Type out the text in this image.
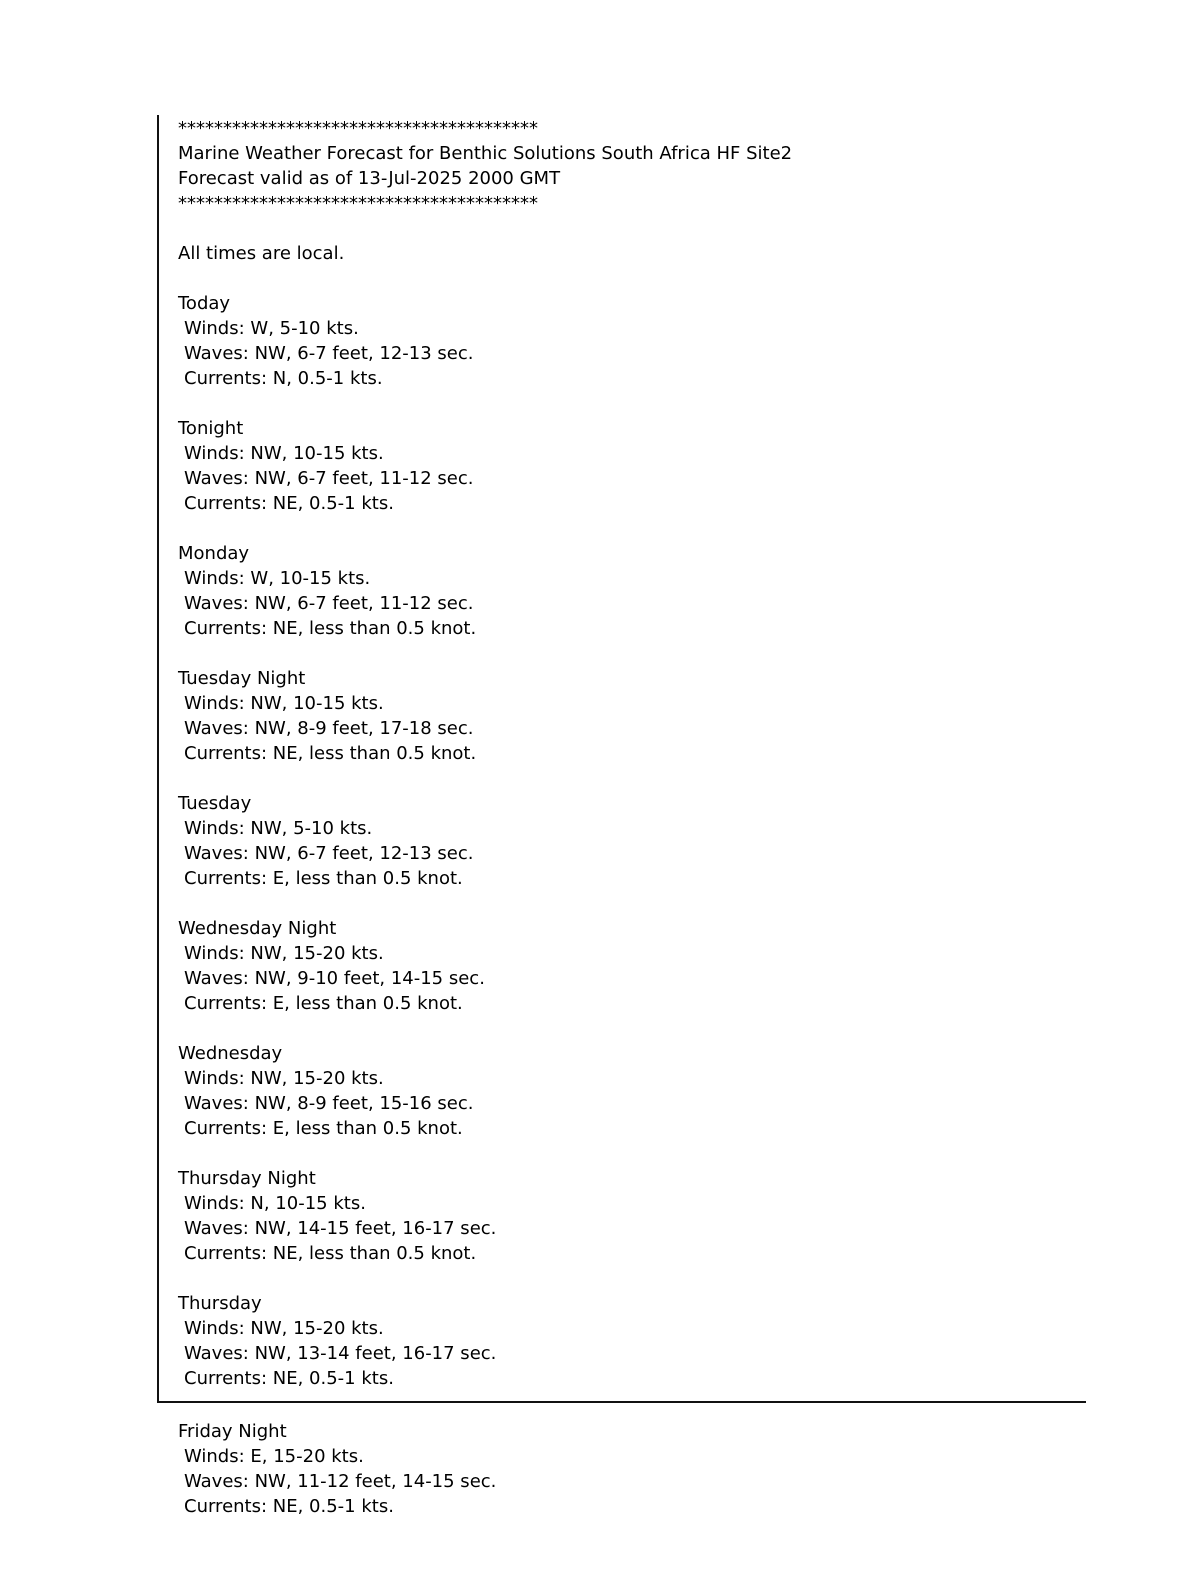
****************************************
Marine Weather Forecast for Benthic Solutions South Africa HF Site2
Forecast valid as of 13-Jul-2025 2000 GMT
****************************************
All times are local.
Today
Winds: W, 5-10 kts.
Waves: NW, 6-7 feet, 12-13 sec.
Currents: N, 0.5-1 kts.
Tonight
Winds: NW, 10-15 kts.
Waves: NW, 6-7 feet, 11-12 sec.
Currents: NE, 0.5-1 kts.
Monday
Winds: W, 10-15 kts.
Waves: NW, 6-7 feet, 11-12 sec.
Currents: NE, less than 0.5 knot.
Tuesday Night
Winds: NW, 10-15 kts.
Waves: NW, 8-9 feet, 17-18 sec.
Currents: NE, less than 0.5 knot.
Tuesday
Winds: NW, 5-10 kts.
Waves: NW, 6-7 feet, 12-13 sec.
Currents: E, less than 0.5 knot.
Wednesday Night
Winds: NW, 15-20 kts.
Waves: NW, 9-10 feet, 14-15 sec.
Currents: E, less than 0.5 knot.
Wednesday
Winds: NW, 15-20 kts.
Waves: NW, 8-9 feet, 15-16 sec.
Currents: E, less than 0.5 knot.
Thursday Night
Winds: N, 10-15 kts.
Waves: NW, 14-15 feet, 16-17 sec.
Currents: NE, less than 0.5 knot.
Thursday
Winds: NW, 15-20 kts.
Waves: NW, 13-14 feet, 16-17 sec.
Currents: NE, 0.5-1 kts.
Friday Night
Winds: E, 15-20 kts.
Waves: NW, 11-12 feet, 14-15 sec.
Currents: NE, 0.5-1 kts.
